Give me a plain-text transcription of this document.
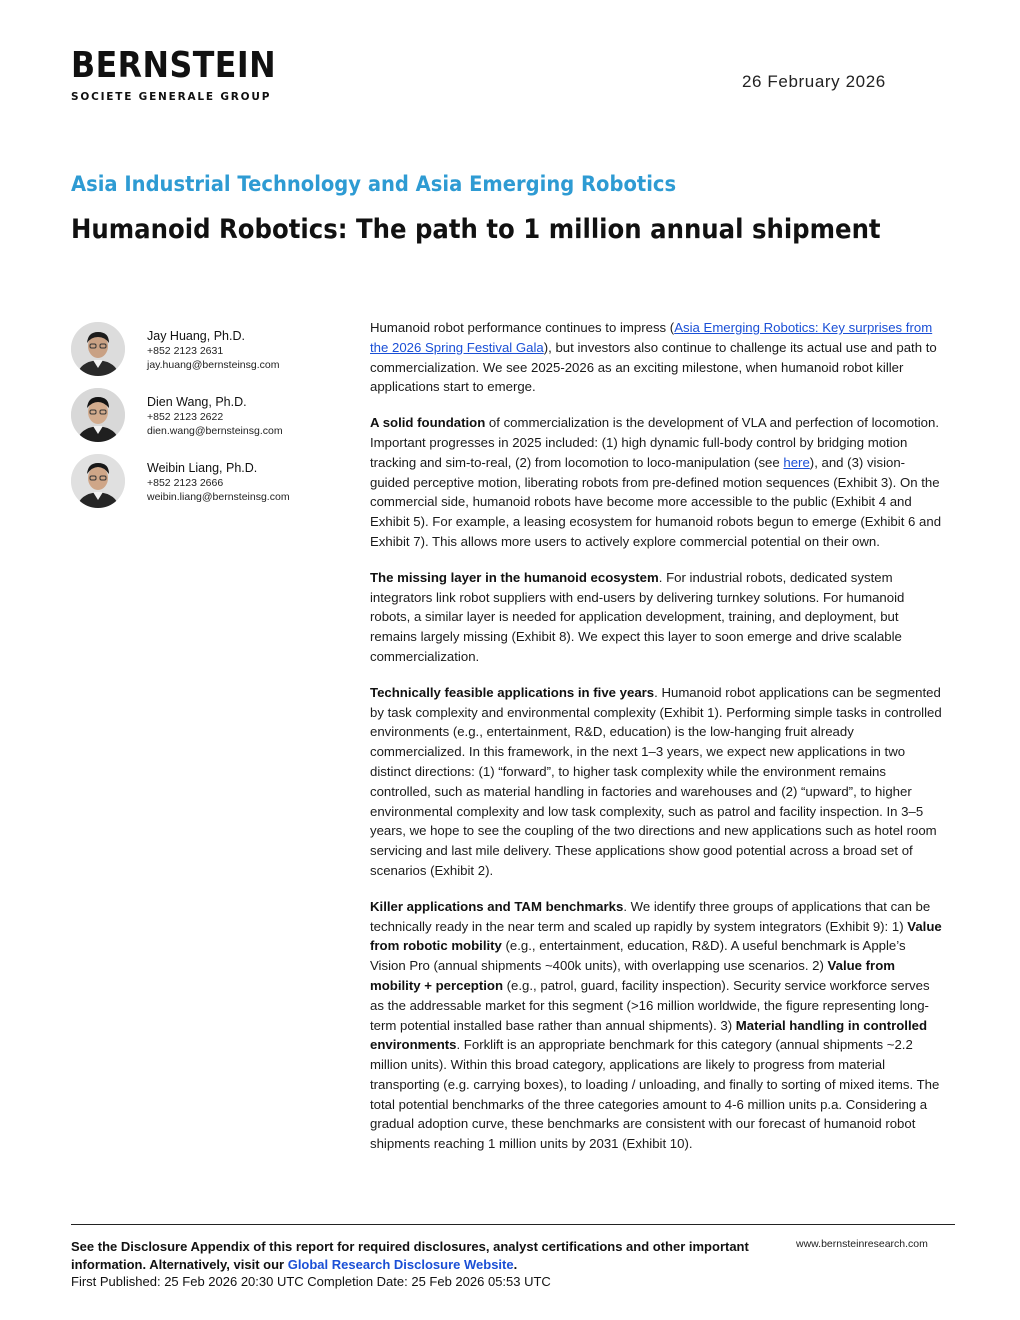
BERNSTEIN
SOCIETE GENERALE GROUP
26 February 2026
Asia Industrial Technology and Asia Emerging Robotics
Humanoid Robotics: The path to 1 million annual shipment
Jay Huang, Ph.D.
+852 2123 2631
jay.huang@bernsteinsg.com
Dien Wang, Ph.D.
+852 2123 2622
dien.wang@bernsteinsg.com
Weibin Liang, Ph.D.
+852 2123 2666
weibin.liang@bernsteinsg.com

Humanoid robot performance continues to impress (Asia Emerging Robotics: Key surprises from the 2026 Spring Festival Gala), but investors also continue to challenge its actual use and path to commercialization. We see 2025-2026 as an exciting milestone, when humanoid robot killer applications start to emerge.

A solid foundation of commercialization is the development of VLA and perfection of locomotion. Important progresses in 2025 included: (1) high dynamic full-body control by bridging motion tracking and sim-to-real, (2) from locomotion to loco-manipulation (see here), and (3) vision-guided perceptive motion, liberating robots from pre-defined motion sequences (Exhibit 3). On the commercial side, humanoid robots have become more accessible to the public (Exhibit 4 and Exhibit 5). For example, a leasing ecosystem for humanoid robots begun to emerge (Exhibit 6 and Exhibit 7). This allows more users to actively explore commercial potential on their own.

The missing layer in the humanoid ecosystem. For industrial robots, dedicated system integrators link robot suppliers with end-users by delivering turnkey solutions. For humanoid robots, a similar layer is needed for application development, training, and deployment, but remains largely missing (Exhibit 8). We expect this layer to soon emerge and drive scalable commercialization.

Technically feasible applications in five years. Humanoid robot applications can be segmented by task complexity and environmental complexity (Exhibit 1). Performing simple tasks in controlled environments (e.g., entertainment, R&D, education) is the low-hanging fruit already commercialized. In this framework, in the next 1–3 years, we expect new applications in two distinct directions: (1) “forward”, to higher task complexity while the environment remains controlled, such as material handling in factories and warehouses and (2) “upward”, to higher environmental complexity and low task complexity, such as patrol and facility inspection. In 3–5 years, we hope to see the coupling of the two directions and new applications such as hotel room servicing and last mile delivery. These applications show good potential across a broad set of scenarios (Exhibit 2).

Killer applications and TAM benchmarks. We identify three groups of applications that can be technically ready in the near term and scaled up rapidly by system integrators (Exhibit 9): 1) Value from robotic mobility (e.g., entertainment, education, R&D). A useful benchmark is Apple’s Vision Pro (annual shipments ~400k units), with overlapping use scenarios. 2) Value from mobility + perception (e.g., patrol, guard, facility inspection). Security service workforce serves as the addressable market for this segment (>16 million worldwide, the figure representing long-term potential installed base rather than annual shipments). 3) Material handling in controlled environments. Forklift is an appropriate benchmark for this category (annual shipments ~2.2 million units). Within this broad category, applications are likely to progress from material transporting (e.g. carrying boxes), to loading / unloading, and finally to sorting of mixed items. The total potential benchmarks of the three categories amount to 4-6 million units p.a. Considering a gradual adoption curve, these benchmarks are consistent with our forecast of humanoid robot shipments reaching 1 million units by 2031 (Exhibit 10).

See the Disclosure Appendix of this report for required disclosures, analyst certifications and other important information. Alternatively, visit our Global Research Disclosure Website.
First Published: 25 Feb 2026 20:30 UTC Completion Date: 25 Feb 2026 05:53 UTC
www.bernsteinresearch.com
